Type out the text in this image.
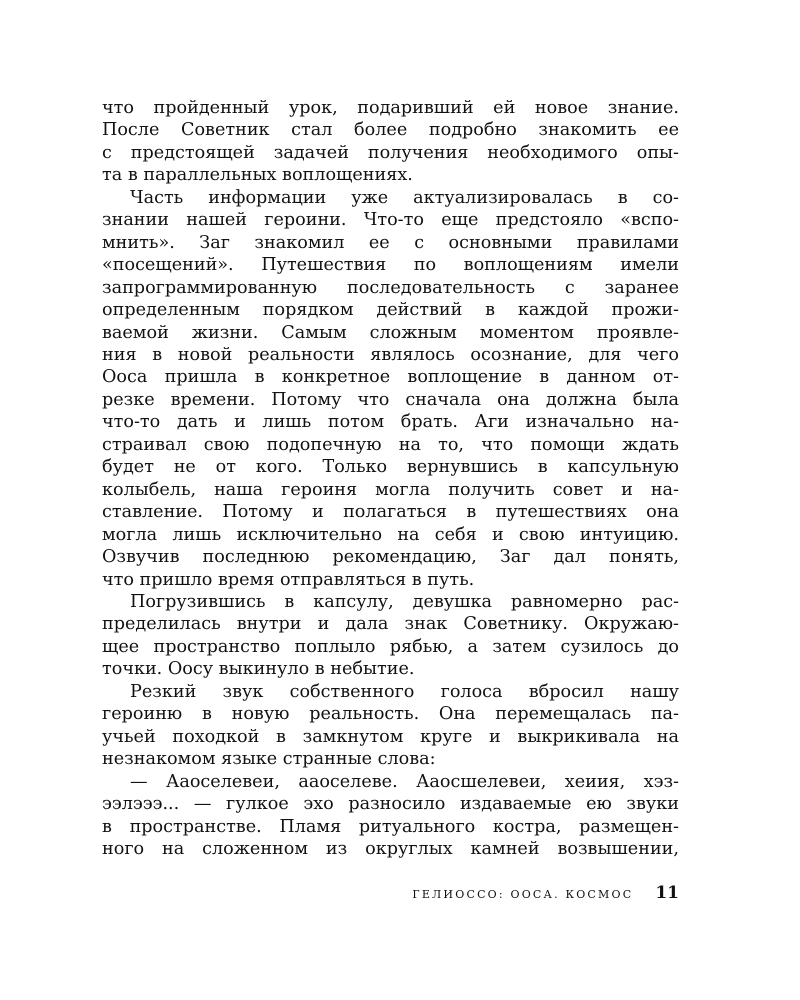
что пройденный урок, подаривший ей новое знание.
После Советник стал более подробно знакомить ее
с предстоящей задачей получения необходимого опы-
та в параллельных воплощениях.
Часть информации уже актуализировалась в со-
знании нашей героини. Что-то еще предстояло «вспо-
мнить». Заг знакомил ее с основными правилами
«посещений». Путешествия по воплощениям имели
запрограммированную последовательность с заранее
определенным порядком действий в каждой прожи-
ваемой жизни. Самым сложным моментом проявле-
ния в новой реальности являлось осознание, для чего
Ооса пришла в конкретное воплощение в данном от-
резке времени. Потому что сначала она должна была
что-то дать и лишь потом брать. Аги изначально на-
страивал свою подопечную на то, что помощи ждать
будет не от кого. Только вернувшись в капсульную
колыбель, наша героиня могла получить совет и на-
ставление. Потому и полагаться в путешествиях она
могла лишь исключительно на себя и свою интуицию.
Озвучив последнюю рекомендацию, Заг дал понять,
что пришло время отправляться в путь.
Погрузившись в капсулу, девушка равномерно рас-
пределилась внутри и дала знак Советнику. Окружаю-
щее пространство поплыло рябью, а затем сузилось до
точки. Оосу выкинуло в небытие.
Резкий звук собственного голоса вбросил нашу
героиню в новую реальность. Она перемещалась па-
учьей походкой в замкнутом круге и выкрикивала на
незнакомом языке странные слова:
— Ааоселевеи, ааоселеве. Аaосшелевеи, хеиия, хэз-
ээлэээ... — гулкое эхо разносило издаваемые ею звуки
в пространстве. Пламя ритуального костра, размещен-
ного на сложенном из округлых камней возвышении,
ГЕЛИОССО: ООСА. КОСМОС 11
